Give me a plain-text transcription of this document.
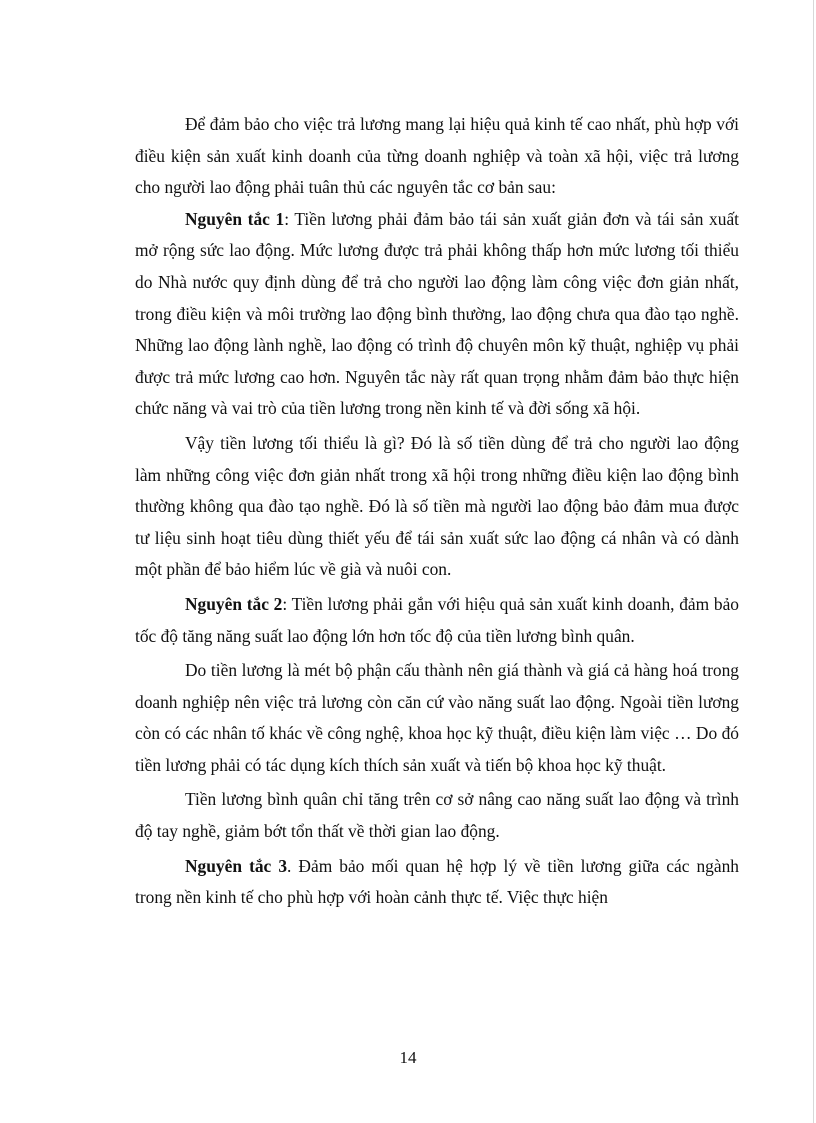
Để đảm bảo cho việc trả lương mang lại hiệu quả kinh tế cao nhất, phù hợp với điều kiện sản xuất kinh doanh của từng doanh nghiệp và toàn xã hội, việc trả lương cho người lao động phải tuân thủ các nguyên tắc cơ bản sau:

Nguyên tắc 1: Tiền lương phải đảm bảo tái sản xuất giản đơn và tái sản xuất mở rộng sức lao động. Mức lương được trả phải không thấp hơn mức lương tối thiểu do Nhà nước quy định dùng để trả cho người lao động làm công việc đơn giản nhất, trong điều kiện và môi trường lao động bình thường, lao động chưa qua đào tạo nghề. Những lao động lành nghề, lao động có trình độ chuyên môn kỹ thuật, nghiệp vụ phải được trả mức lương cao hơn. Nguyên tắc này rất quan trọng nhằm đảm bảo thực hiện chức năng và vai trò của tiền lương trong nền kinh tế và đời sống xã hội.

Vậy tiền lương tối thiểu là gì? Đó là số tiền dùng để trả cho người lao động làm những công việc đơn giản nhất trong xã hội trong những điều kiện lao động bình thường không qua đào tạo nghề. Đó là số tiền mà người lao động bảo đảm mua được tư liệu sinh hoạt tiêu dùng thiết yếu để tái sản xuất sức lao động cá nhân và có dành một phần để bảo hiểm lúc về già và nuôi con.

Nguyên tắc 2: Tiền lương phải gắn với hiệu quả sản xuất kinh doanh, đảm bảo tốc độ tăng năng suất lao động lớn hơn tốc độ của tiền lương bình quân.

Do tiền lương là mét bộ phận cấu thành nên giá thành và giá cả hàng hoá trong doanh nghiệp nên việc trả lương còn căn cứ vào năng suất lao động. Ngoài tiền lương còn có các nhân tố khác về công nghệ, khoa học kỹ thuật, điều kiện làm việc … Do đó tiền lương phải có tác dụng kích thích sản xuất và tiến bộ khoa học kỹ thuật.

Tiền lương bình quân chỉ tăng trên cơ sở nâng cao năng suất lao động và trình độ tay nghề, giảm bớt tổn thất về thời gian lao động.

Nguyên tắc 3. Đảm bảo mối quan hệ hợp lý về tiền lương giữa các ngành trong nền kinh tế cho phù hợp với hoàn cảnh thực tế. Việc thực hiện

14
